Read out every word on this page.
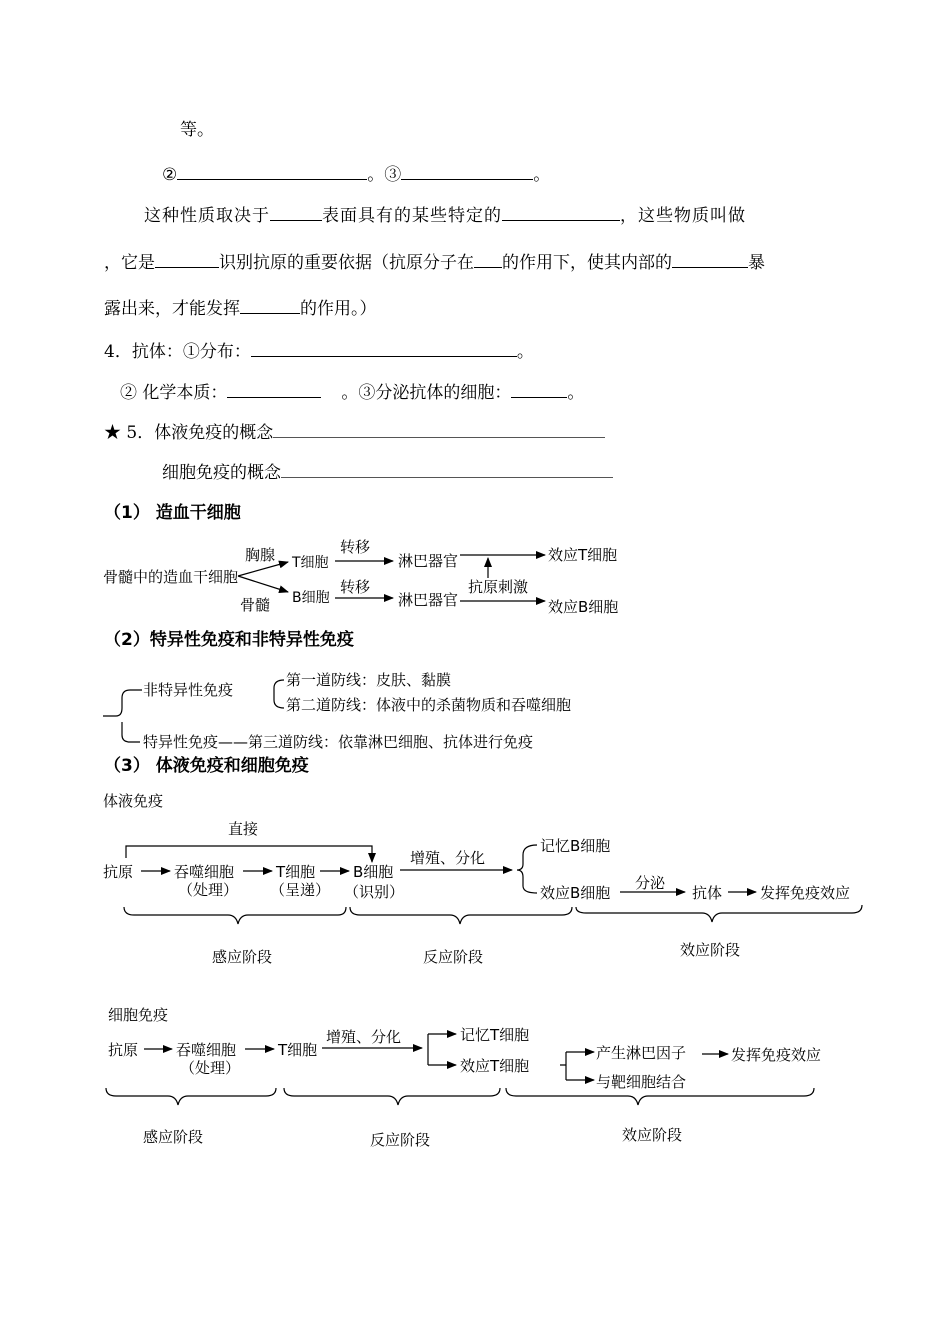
等。
②	。③	。
这种性质取决于	表面具有的某些特定的	，这些物质叫做
，它是	识别抗原的重要依据（抗原分子在 的作用下，使其内部的	暴
露出来，才能发挥	的作用。）
4．抗体：①分布：	。
② 化学本质：	。③分泌抗体的细胞：	。
★ 5．体液免疫的概念
细胞免疫的概念
（1） 造血干细胞
（2）特异性免疫和非特异性免疫
（3） 体液免疫和细胞免疫
骨髓中的造血干细胞
胸腺
骨髓
T细胞
B细胞
转移
转移
淋巴器官
淋巴器官
抗原刺激
效应T细胞
效应B细胞
非特异性免疫
第一道防线：皮肤、黏膜
第二道防线：体液中的杀菌物质和吞噬细胞
特异性免疫——第三道防线：依靠淋巴细胞、抗体进行免疫
体液免疫
直接
抗原	吞噬细胞
（处理）
T细胞
（呈递）
B细胞
（识别）
增殖、分化
记忆B细胞
效应B细胞
分泌
抗体	发挥免疫效应
感应阶段	反应阶段	效应阶段
细胞免疫
抗原	吞噬细胞
（处理）
T细胞
增殖、分化	记忆T细胞
效应T细胞
产生淋巴因子	发挥免疫效应
与靶细胞结合
感应阶段	反应阶段	效应阶段
